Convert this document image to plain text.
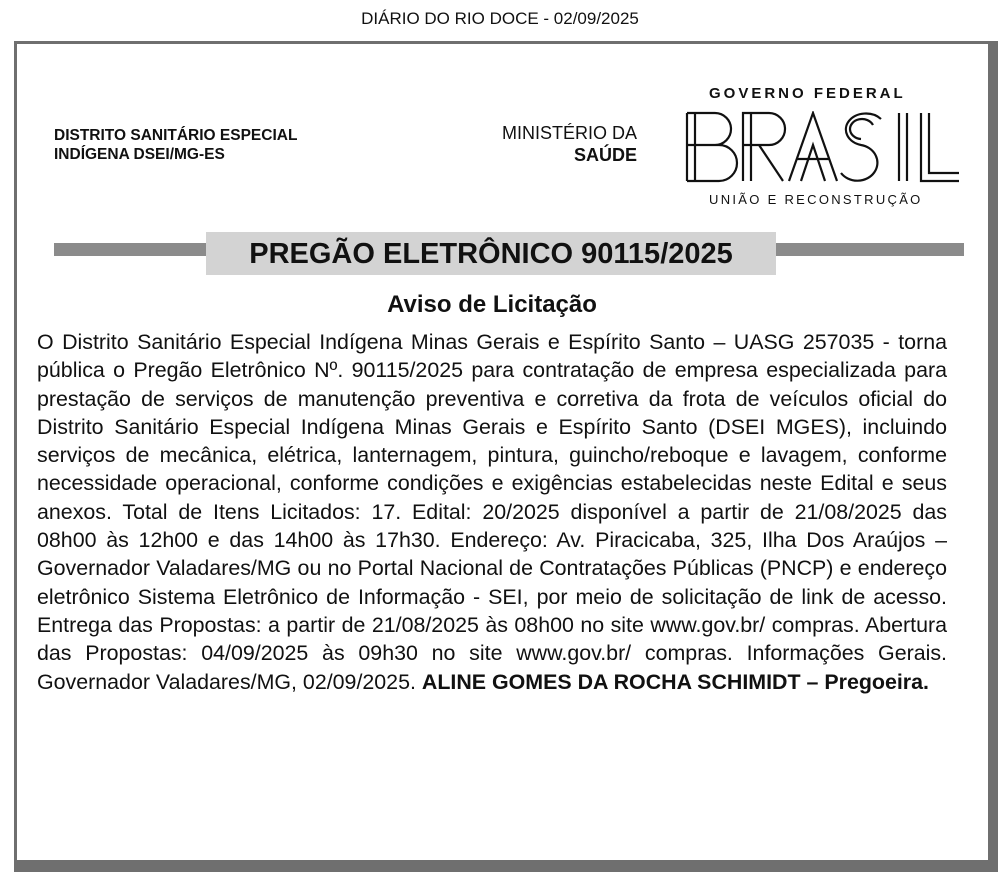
DIÁRIO DO RIO DOCE - 02/09/2025
DISTRITO SANITÁRIO ESPECIAL
INDÍGENA DSEI/MG-ES
MINISTÉRIO DA
SAÚDE
GOVERNO FEDERAL
UNIÃO E RECONSTRUÇÃO
PREGÃO ELETRÔNICO 90115/2025
Aviso de Licitação
O Distrito Sanitário Especial Indígena Minas Gerais e Espírito Santo – UASG 257035 - torna pública o Pregão Eletrônico Nº. 90115/2025 para contratação de empresa especializada para prestação de serviços de manutenção preventiva e corretiva da frota de veículos oficial do Distrito Sanitário Especial Indígena Minas Gerais e Espírito Santo (DSEI MGES), incluindo serviços de mecânica, elétrica, lanternagem, pintura, guincho/reboque e lavagem, conforme necessidade operacional, conforme condições e exigências estabelecidas neste Edital e seus anexos. Total de Itens Licitados: 17. Edital: 20/2025 disponível a partir de 21/08/2025 das 08h00 às 12h00 e das 14h00 às 17h30. Endereço: Av. Piracicaba, 325, Ilha Dos Araújos – Governador Valadares/MG ou no Portal Nacional de Contratações Públicas (PNCP) e endereço eletrônico Sistema Eletrônico de Informação - SEI, por meio de solicitação de link de acesso. Entrega das Propostas: a partir de 21/08/2025 às 08h00 no site www.gov.br/ compras. Abertura das Propostas: 04/09/2025 às 09h30 no site www.gov.br/ compras. Informações Gerais. Governador Valadares/MG, 02/09/2025. ALINE GOMES DA ROCHA SCHIMIDT – Pregoeira.
